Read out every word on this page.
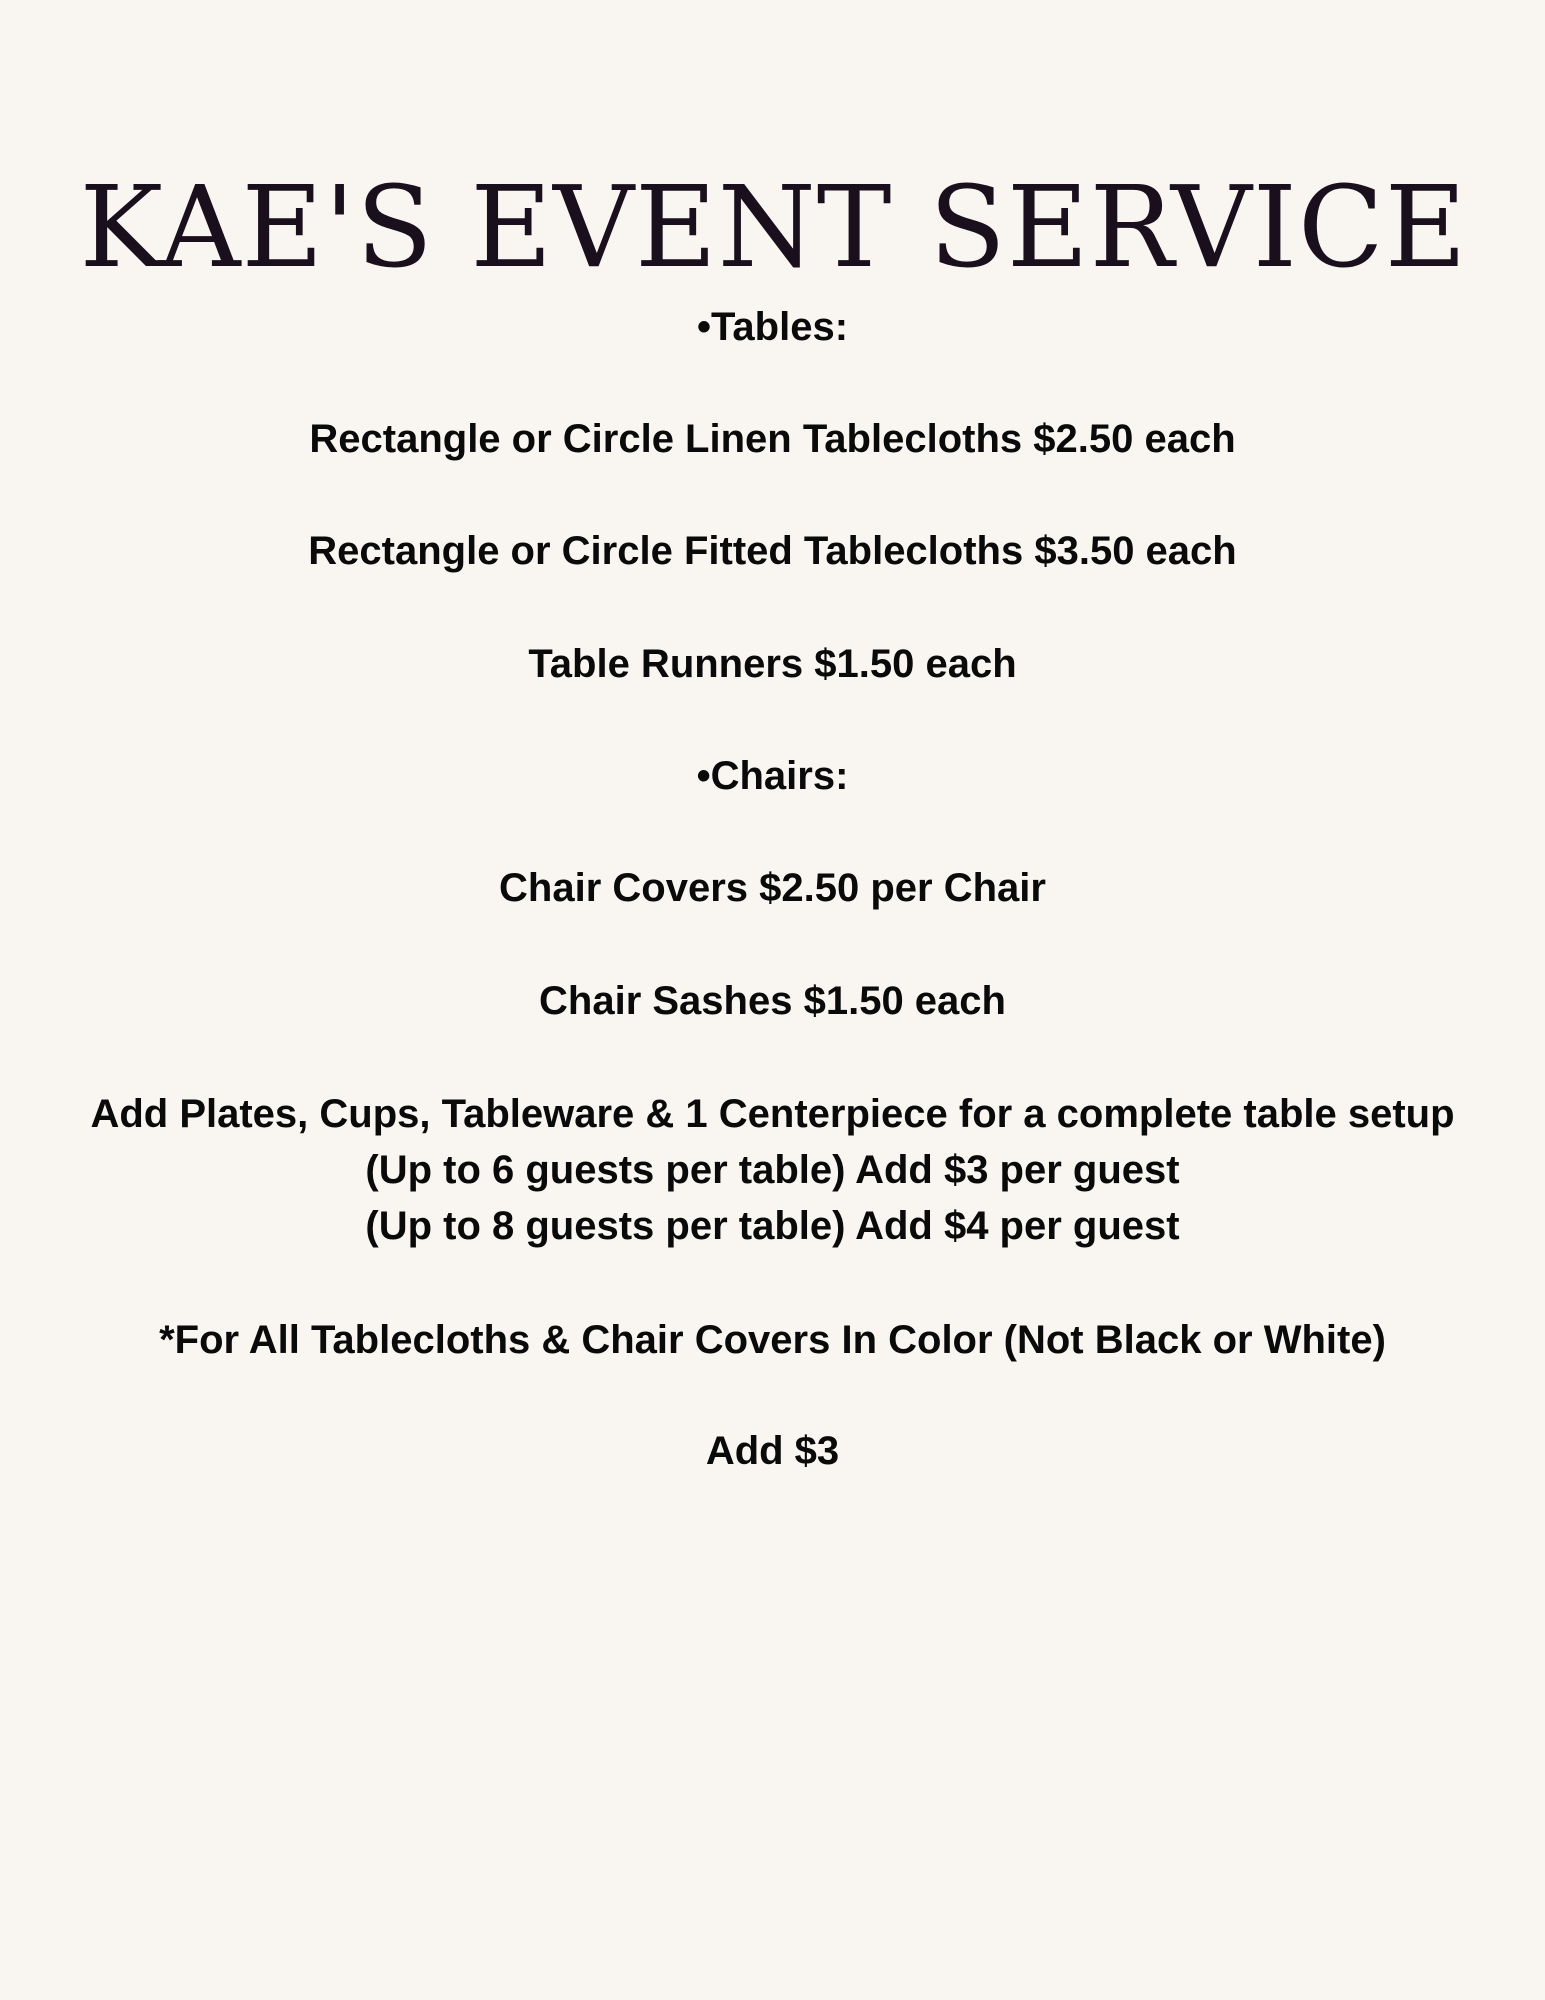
KAE'S EVENT SERVICE

•Tables:

Rectangle or Circle Linen Tablecloths $2.50 each

Rectangle or Circle Fitted Tablecloths $3.50 each

Table Runners $1.50 each

•Chairs:

Chair Covers $2.50 per Chair

Chair Sashes $1.50 each

Add Plates, Cups, Tableware & 1 Centerpiece for a complete table setup

(Up to 6 guests per table) Add $3 per guest

(Up to 8 guests per table) Add $4 per guest

*For All Tablecloths & Chair Covers In Color (Not Black or White)

Add $3
